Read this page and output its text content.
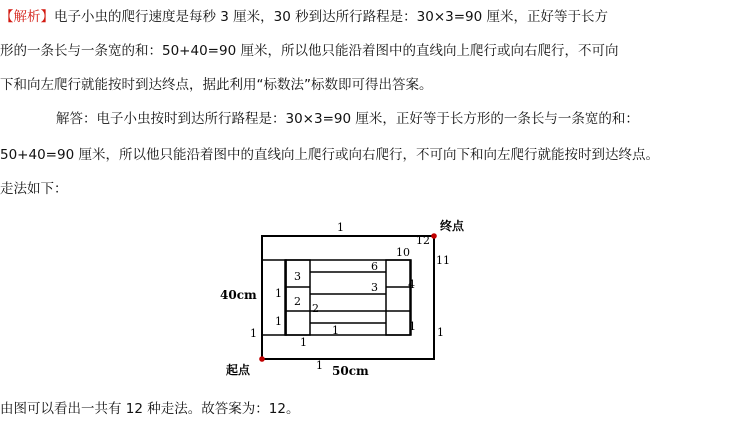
【解析】电子小虫的爬行速度是每秒 3 厘米，30 秒到达所行路程是：30×3=90 厘米，正好等于长方
形的一条长与一条宽的和：50+40=90 厘米，所以他只能沿着图中的直线向上爬行或向右爬行，不可向
下和向左爬行就能按时到达终点，据此利用“标数法”标数即可得出答案。
解答：电子小虫按时到达所行路程是：30×3=90 厘米，正好等于长方形的一条长与一条宽的和：
50+40=90 厘米，所以他只能沿着图中的直线向上爬行或向右爬行，不可向下和向左爬行就能按时到达终点。
走法如下：
1
12
11
10
6
3	4
3
2
2
1
1
1
1
1
1
1
1
40cm
50cm
终点
起点
由图可以看出一共有 12 种走法。故答案为：12。
